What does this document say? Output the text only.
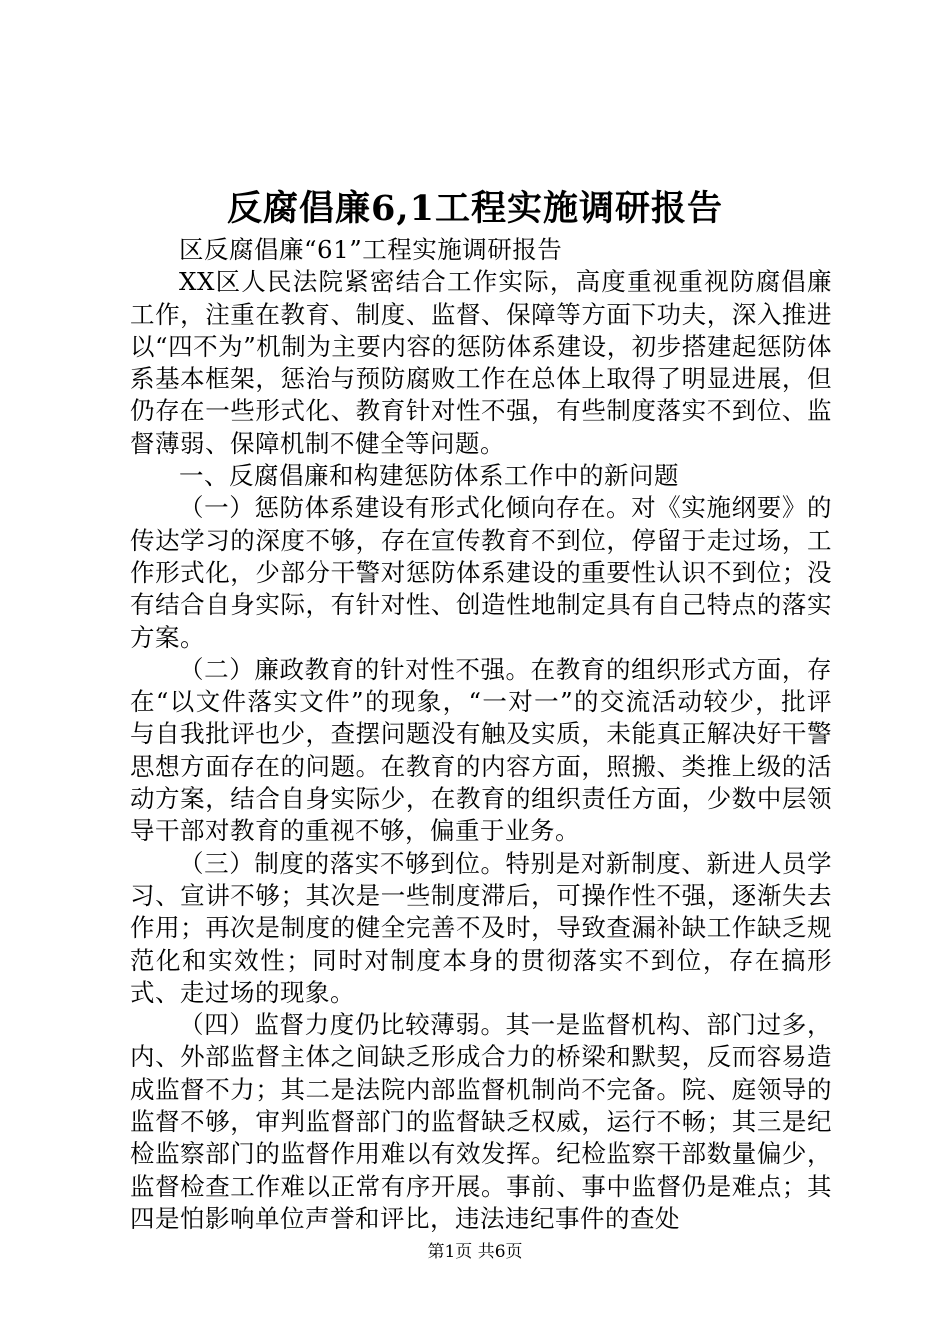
反腐倡廉6,1工程实施调研报告

区反腐倡廉“61”工程实施调研报告

XX区人民法院紧密结合工作实际，高度重视重视防腐倡廉工作，注重在教育、制度、监督、保障等方面下功夫，深入推进以“四不为”机制为主要内容的惩防体系建设，初步搭建起惩防体系基本框架，惩治与预防腐败工作在总体上取得了明显进展，但仍存在一些形式化、教育针对性不强，有些制度落实不到位、监督薄弱、保障机制不健全等问题。

一、反腐倡廉和构建惩防体系工作中的新问题

（一）惩防体系建设有形式化倾向存在。对《实施纲要》的传达学习的深度不够，存在宣传教育不到位，停留于走过场，工作形式化，少部分干警对惩防体系建设的重要性认识不到位；没有结合自身实际，有针对性、创造性地制定具有自己特点的落实方案。

（二）廉政教育的针对性不强。在教育的组织形式方面，存在“以文件落实文件”的现象，“一对一”的交流活动较少，批评与自我批评也少，查摆问题没有触及实质，未能真正解决好干警思想方面存在的问题。在教育的内容方面，照搬、类推上级的活动方案，结合自身实际少，在教育的组织责任方面，少数中层领导干部对教育的重视不够，偏重于业务。

（三）制度的落实不够到位。特别是对新制度、新进人员学习、宣讲不够；其次是一些制度滞后，可操作性不强，逐渐失去作用；再次是制度的健全完善不及时，导致查漏补缺工作缺乏规范化和实效性；同时对制度本身的贯彻落实不到位，存在搞形式、走过场的现象。

（四）监督力度仍比较薄弱。其一是监督机构、部门过多，内、外部监督主体之间缺乏形成合力的桥梁和默契，反而容易造成监督不力；其二是法院内部监督机制尚不完备。院、庭领导的监督不够，审判监督部门的监督缺乏权威，运行不畅；其三是纪检监察部门的监督作用难以有效发挥。纪检监察干部数量偏少，监督检查工作难以正常有序开展。事前、事中监督仍是难点；其四是怕影响单位声誉和评比，违法违纪事件的查处

第1页 共6页
